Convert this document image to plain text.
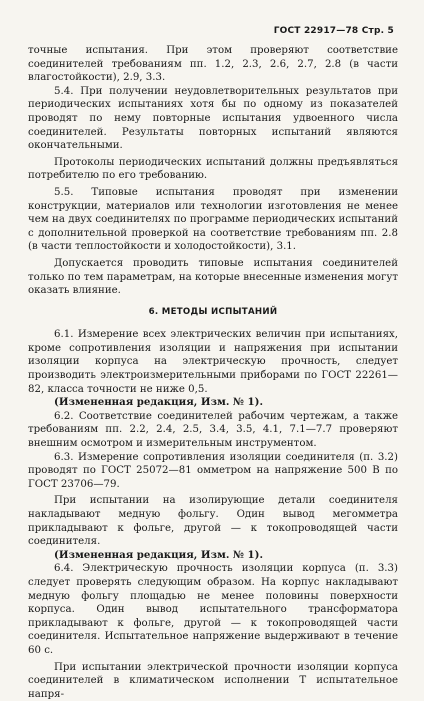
ГОСТ 22917—78 Стр. 5

точные испытания. При этом проверяют соответствие соединителей требованиям пп. 1.2, 2.3, 2.6, 2.7, 2.8 (в части влагостойкости), 2.9, 3.3.

5.4. При получении неудовлетворительных результатов при периодических испытаниях хотя бы по одному из показателей проводят по нему повторные испытания удвоенного числа соединителей. Результаты повторных испытаний являются окончательными.

Протоколы периодических испытаний должны предъявляться потребителю по его требованию.

5.5. Типовые испытания проводят при изменении конструкции, материалов или технологии изготовления не менее чем на двух соединителях по программе периодических испытаний с дополнительной проверкой на соответствие требованиям пп. 2.8 (в части теплостойкости и холодостойкости), 3.1.

Допускается проводить типовые испытания соединителей только по тем параметрам, на которые внесенные изменения могут оказать влияние.

6. МЕТОДЫ ИСПЫТАНИЙ

6.1. Измерение всех электрических величин при испытаниях, кроме сопротивления изоляции и напряжения при испытании изоляции корпуса на электрическую прочность, следует производить электроизмерительными приборами по ГОСТ 22261—82, класса точности не ниже 0,5.

(Измененная редакция, Изм. № 1).

6.2. Соответствие соединителей рабочим чертежам, а также требованиям пп. 2.2, 2.4, 2.5, 3.4, 3.5, 4.1, 7.1—7.7 проверяют внешним осмотром и измерительным инструментом.

6.3. Измерение сопротивления изоляции соединителя (п. 3.2) проводят по ГОСТ 25072—81 омметром на напряжение 500 В по ГОСТ 23706—79.

При испытании на изолирующие детали соединителя накладывают медную фольгу. Один вывод мегомметра прикладывают к фольге, другой — к токопроводящей части соединителя.

(Измененная редакция, Изм. № 1).

6.4. Электрическую прочность изоляции корпуса (п. 3.3) следует проверять следующим образом. На корпус накладывают медную фольгу площадью не менее половины поверхности корпуса. Один вывод испытательного трансформатора прикладывают к фольге, другой — к токопроводящей части соединителя. Испытательное напряжение выдерживают в течение 60 с.

При испытании электрической прочности изоляции корпуса соединителей в климатическом исполнении Т испытательное напря-
